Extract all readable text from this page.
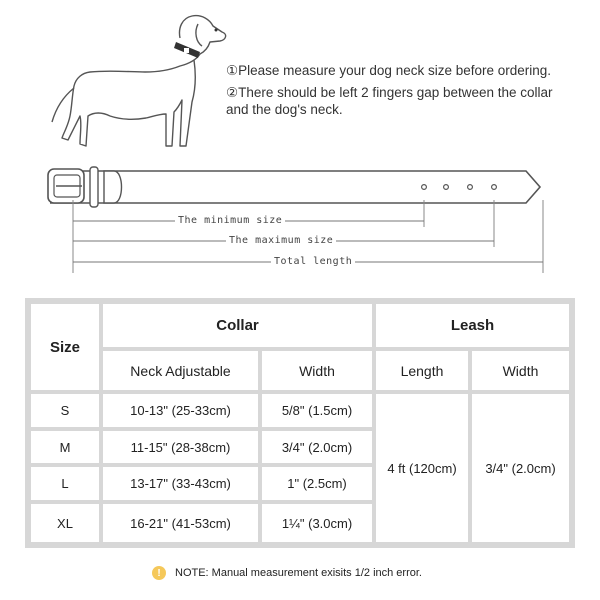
①Please measure your dog neck size before ordering.
②There should be left 2 fingers gap between the collar and the dog's neck.
The minimum size
The maximum size
Total length
Size
Collar	Leash
Neck Adjustable	Width	Length	Width
S	10-13" (25-33cm)	5/8" (1.5cm)
M	11-15" (28-38cm)	3/4" (2.0cm)
L	13-17" (33-43cm)	1" (2.5cm)
XL	16-21" (41-53cm)	1¼" (3.0cm)
4 ft (120cm)	3/4" (2.0cm)
!	NOTE: Manual measurement exisits 1/2 inch error.
